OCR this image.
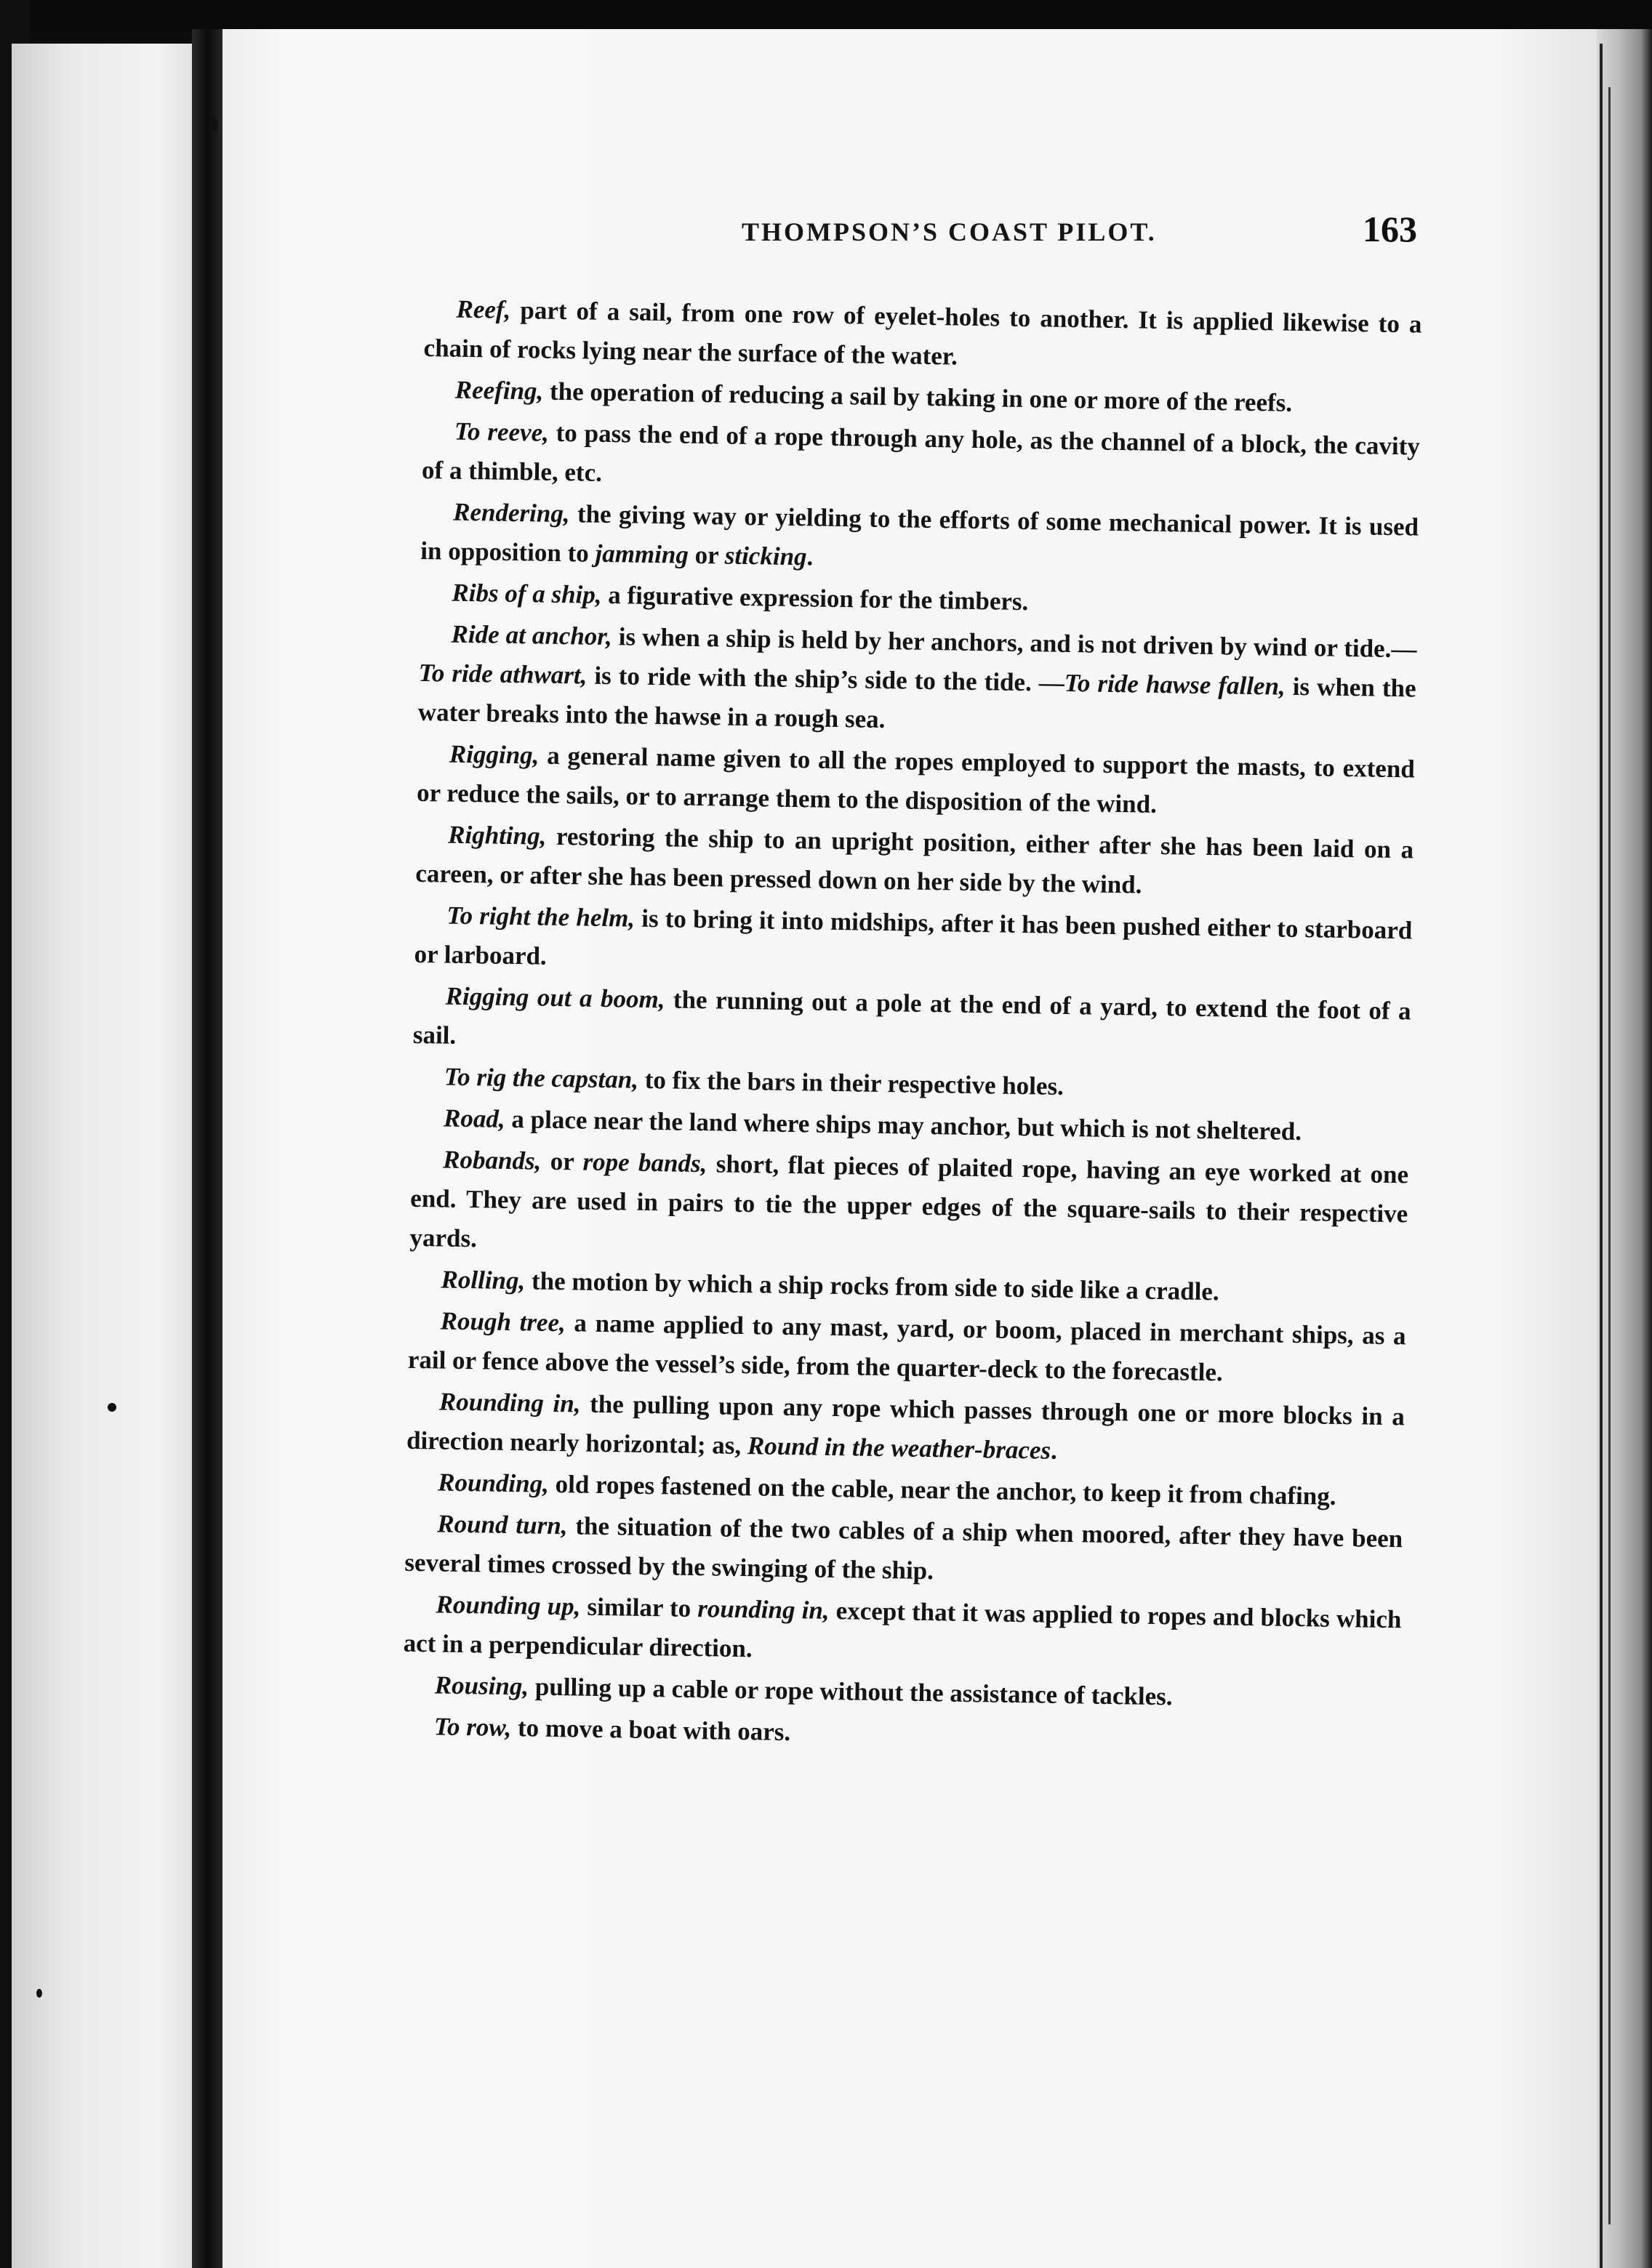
THOMPSON’S COAST PILOT.	163

Reef, part of a sail, from one row of eyelet-holes to another. It is applied likewise to a chain of rocks lying near the surface of the water.

Reefing, the operation of reducing a sail by taking in one or more of the reefs.

To reeve, to pass the end of a rope through any hole, as the channel of a block, the cavity of a thimble, etc.

Rendering, the giving way or yielding to the efforts of some mechanical power. It is used in opposition to jamming or sticking.

Ribs of a ship, a figurative expression for the timbers.

Ride at anchor, is when a ship is held by her anchors, and is not driven by wind or tide.—To ride athwart, is to ride with the ship’s side to the tide. —To ride hawse fallen, is when the water breaks into the hawse in a rough sea.

Rigging, a general name given to all the ropes employed to support the masts, to extend or reduce the sails, or to arrange them to the disposition of the wind.

Righting, restoring the ship to an upright position, either after she has been laid on a careen, or after she has been pressed down on her side by the wind.

To right the helm, is to bring it into midships, after it has been pushed either to starboard or larboard.

Rigging out a boom, the running out a pole at the end of a yard, to extend the foot of a sail.

To rig the capstan, to fix the bars in their respective holes.

Road, a place near the land where ships may anchor, but which is not sheltered.

Robands, or rope bands, short, flat pieces of plaited rope, having an eye worked at one end. They are used in pairs to tie the upper edges of the square-sails to their respective yards.

Rolling, the motion by which a ship rocks from side to side like a cradle.

Rough tree, a name applied to any mast, yard, or boom, placed in merchant ships, as a rail or fence above the vessel’s side, from the quarter-deck to the forecastle.

Rounding in, the pulling upon any rope which passes through one or more blocks in a direction nearly horizontal; as, Round in the weather-braces.

Rounding, old ropes fastened on the cable, near the anchor, to keep it from chafing.

Round turn, the situation of the two cables of a ship when moored, after they have been several times crossed by the swinging of the ship.

Rounding up, similar to rounding in, except that it was applied to ropes and blocks which act in a perpendicular direction.

Rousing, pulling up a cable or rope without the assistance of tackles.

To row, to move a boat with oars.
